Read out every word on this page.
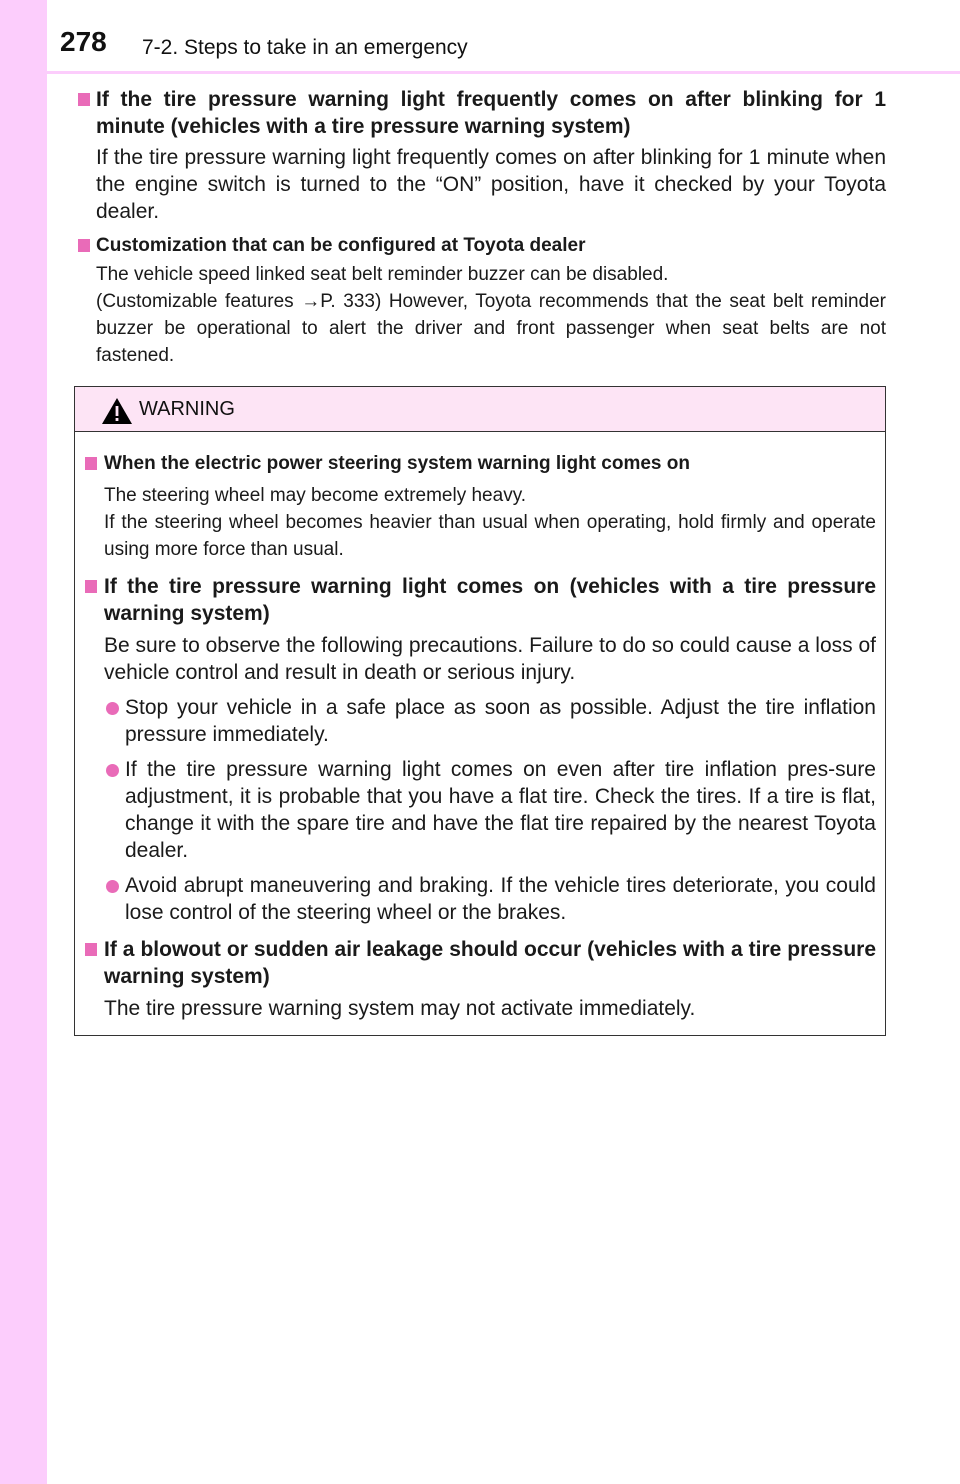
278 7-2. Steps to take in an emergency
If the tire pressure warning light frequently comes on after blinking for 1 minute (vehicles with a tire pressure warning system)
If the tire pressure warning light frequently comes on after blinking for 1 minute when the engine switch is turned to the “ON” position, have it checked by your Toyota dealer.
Customization that can be configured at Toyota dealer
The vehicle speed linked seat belt reminder buzzer can be disabled.
(Customizable features →P. 333) However, Toyota recommends that the seat belt reminder buzzer be operational to alert the driver and front passenger when seat belts are not fastened.
WARNING
When the electric power steering system warning light comes on
The steering wheel may become extremely heavy.
If the steering wheel becomes heavier than usual when operating, hold firmly and operate using more force than usual.
If the tire pressure warning light comes on (vehicles with a tire pressure warning system)
Be sure to observe the following precautions. Failure to do so could cause a loss of vehicle control and result in death or serious injury.
Stop your vehicle in a safe place as soon as possible. Adjust the tire inflation pressure immediately.
If the tire pressure warning light comes on even after tire inflation pres-sure adjustment, it is probable that you have a flat tire. Check the tires. If a tire is flat, change it with the spare tire and have the flat tire repaired by the nearest Toyota dealer.
Avoid abrupt maneuvering and braking. If the vehicle tires deteriorate, you could lose control of the steering wheel or the brakes.
If a blowout or sudden air leakage should occur (vehicles with a tire pressure warning system)
The tire pressure warning system may not activate immediately.
